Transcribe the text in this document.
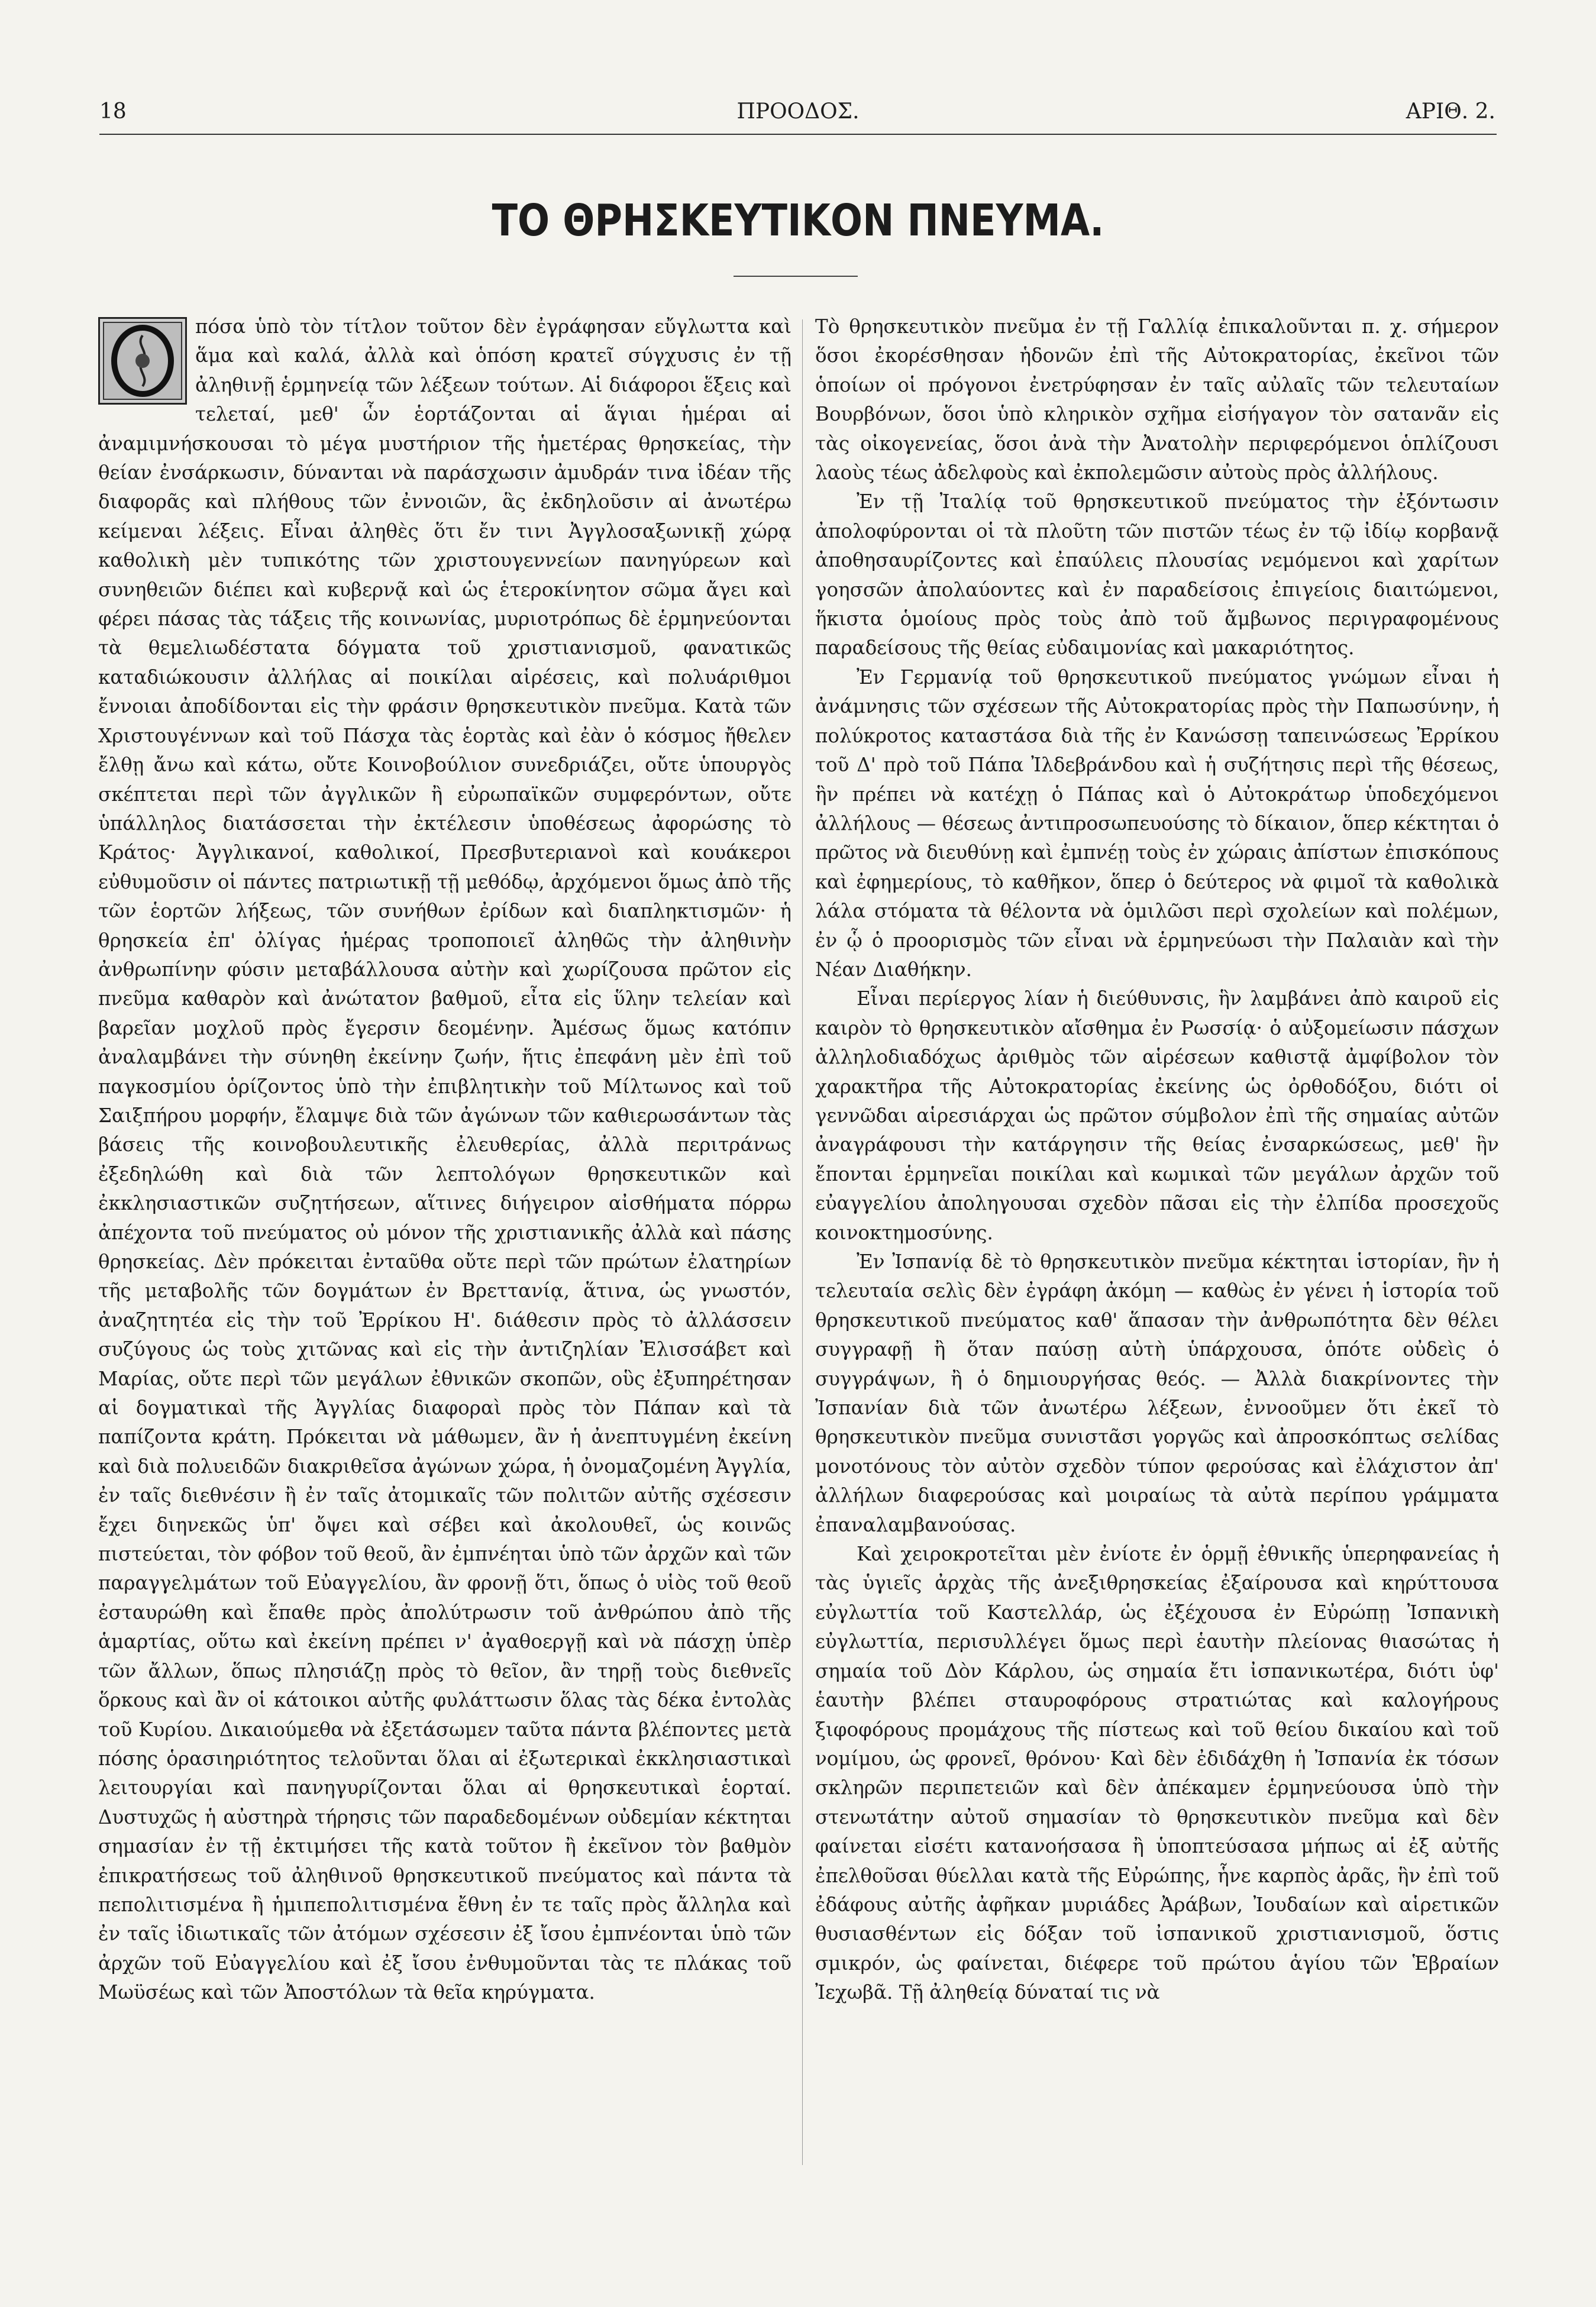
18	ΠΡΟΟΔΟΣ.	ΑΡΙΘ. 2.
ΤΟ ΘΡΗΣΚΕΥΤΙΚΟΝ ΠΝΕΥΜΑ.

πόσα ὑπὸ τὸν τίτλον τοῦτον δὲν ἐγράφησαν εὔγλωττα καὶ ἅμα καὶ καλά, ἀλλὰ καὶ ὁπόση κρατεῖ σύγχυσις ἐν τῇ ἀληθινῇ ἑρμηνείᾳ τῶν λέξεων τούτων. Αἱ διάφοροι ἕξεις καὶ τελεταί, μεθ' ὧν ἑορτάζονται αἱ ἅγιαι ἡμέραι αἱ ἀναμιμνήσκουσαι τὸ μέγα μυστήριον τῆς ἡμετέρας θρησκείας, τὴν θείαν ἐνσάρκωσιν, δύνανται νὰ παράσχωσιν ἀμυδράν τινα ἰδέαν τῆς διαφορᾶς καὶ πλήθους τῶν ἐννοιῶν, ἃς ἐκδηλοῦσιν αἱ ἀνωτέρω κείμεναι λέξεις. Εἶναι ἀληθὲς ὅτι ἔν τινι Ἀγγλοσαξωνικῇ χώρᾳ καθολικὴ μὲν τυπικότης τῶν χριστουγεννείων πανηγύρεων καὶ συνηθειῶν διέπει καὶ κυβερνᾷ καὶ ὡς ἑτεροκίνητον σῶμα ἄγει καὶ φέρει πάσας τὰς τάξεις τῆς κοινωνίας, μυριοτρόπως δὲ ἑρμηνεύονται τὰ θεμελιωδέστατα δόγματα τοῦ χριστιανισμοῦ, φανατικῶς καταδιώκουσιν ἀλλήλας αἱ ποικίλαι αἱρέσεις, καὶ πολυάριθμοι ἔννοιαι ἀποδίδονται εἰς τὴν φράσιν θρησκευτικὸν πνεῦμα. Κατὰ τῶν Χριστουγέννων καὶ τοῦ Πάσχα τὰς ἑορτὰς καὶ ἐὰν ὁ κόσμος ἤθελεν ἔλθῃ ἄνω καὶ κάτω, οὔτε Κοινοβούλιον συνεδριάζει, οὔτε ὑπουργὸς σκέπτεται περὶ τῶν ἀγγλικῶν ἢ εὐρωπαϊκῶν συμφερόντων, οὔτε ὑπάλληλος διατάσσεται τὴν ἐκτέλεσιν ὑποθέσεως ἀφορώσης τὸ Κράτος· Ἀγγλικανοί, καθολικοί, Πρεσβυτεριανοὶ καὶ κουάκεροι εὐθυμοῦσιν οἱ πάντες πατριωτικῇ τῇ μεθόδῳ, ἀρχόμενοι ὅμως ἀπὸ τῆς τῶν ἑορτῶν λήξεως, τῶν συνήθων ἐρίδων καὶ διαπληκτισμῶν· ἡ θρησκεία ἐπ' ὀλίγας ἡμέρας τροποποιεῖ ἀληθῶς τὴν ἀληθινὴν ἀνθρωπίνην φύσιν μεταβάλλουσα αὐτὴν καὶ χωρίζουσα πρῶτον εἰς πνεῦμα καθαρὸν καὶ ἀνώτατον βαθμοῦ, εἶτα εἰς ὕλην τελείαν καὶ βαρεῖαν μοχλοῦ πρὸς ἔγερσιν δεομένην. Ἀμέσως ὅμως κατόπιν ἀναλαμβάνει τὴν σύνηθη ἐκείνην ζωήν, ἥτις ἐπεφάνη μὲν ἐπὶ τοῦ παγκοσμίου ὁρίζοντος ὑπὸ τὴν ἐπιβλητικὴν τοῦ Μίλτωνος καὶ τοῦ Σαιξπήρου μορφήν, ἔλαμψε διὰ τῶν ἀγώνων τῶν καθιερωσάντων τὰς βάσεις τῆς κοινοβουλευτικῆς ἐλευθερίας, ἀλλὰ περιτράνως ἐξεδηλώθη καὶ διὰ τῶν λεπτολόγων θρησκευτικῶν καὶ ἐκκλησιαστικῶν συζητήσεων, αἵτινες διήγειρον αἰσθήματα πόρρω ἀπέχοντα τοῦ πνεύματος οὐ μόνον τῆς χριστιανικῆς ἀλλὰ καὶ πάσης θρησκείας. Δὲν πρόκειται ἐνταῦθα οὔτε περὶ τῶν πρώτων ἐλατηρίων τῆς μεταβολῆς τῶν δογμάτων ἐν Βρεττανίᾳ, ἅτινα, ὡς γνωστόν, ἀναζητητέα εἰς τὴν τοῦ Ἐρρίκου Η'. διάθεσιν πρὸς τὸ ἀλλάσσειν συζύγους ὡς τοὺς χιτῶνας καὶ εἰς τὴν ἀντιζηλίαν Ἐλισσάβετ καὶ Μαρίας, οὔτε περὶ τῶν μεγάλων ἐθνικῶν σκοπῶν, οὓς ἐξυπηρέτησαν αἱ δογματικαὶ τῆς Ἀγγλίας διαφοραὶ πρὸς τὸν Πάπαν καὶ τὰ παπίζοντα κράτη. Πρόκειται νὰ μάθωμεν, ἂν ἡ ἀνεπτυγμένη ἐκείνη καὶ διὰ πολυειδῶν διακριθεῖσα ἀγώνων χώρα, ἡ ὀνομαζομένη Ἀγγλία, ἐν ταῖς διεθνέσιν ἢ ἐν ταῖς ἀτομικαῖς τῶν πολιτῶν αὐτῆς σχέσεσιν ἔχει διηνεκῶς ὑπ' ὄψει καὶ σέβει καὶ ἀκολουθεῖ, ὡς κοινῶς πιστεύεται, τὸν φόβον τοῦ θεοῦ, ἂν ἐμπνέηται ὑπὸ τῶν ἀρχῶν καὶ τῶν παραγγελμάτων τοῦ Εὐαγγελίου, ἂν φρονῇ ὅτι, ὅπως ὁ υἱὸς τοῦ θεοῦ ἐσταυρώθη καὶ ἔπαθε πρὸς ἀπολύτρωσιν τοῦ ἀνθρώπου ἀπὸ τῆς ἁμαρτίας, οὕτω καὶ ἐκείνη πρέπει ν' ἀγαθοεργῇ καὶ νὰ πάσχῃ ὑπὲρ τῶν ἄλλων, ὅπως πλησιάζῃ πρὸς τὸ θεῖον, ἂν τηρῇ τοὺς διεθνεῖς ὅρκους καὶ ἂν οἱ κάτοικοι αὐτῆς φυλάττωσιν ὅλας τὰς δέκα ἐντολὰς τοῦ Κυρίου. Δικαιούμεθα νὰ ἐξετάσωμεν ταῦτα πάντα βλέποντες μετὰ πόσης ὁρασιηριότητος τελοῦνται ὅλαι αἱ ἐξωτερικαὶ ἐκκλησιαστικαὶ λειτουργίαι καὶ πανηγυρίζονται ὅλαι αἱ θρησκευτικαὶ ἑορταί. Δυστυχῶς ἡ αὐστηρὰ τήρησις τῶν παραδεδομένων οὐδεμίαν κέκτηται σημασίαν ἐν τῇ ἐκτιμήσει τῆς κατὰ τοῦτον ἢ ἐκεῖνον τὸν βαθμὸν ἐπικρατήσεως τοῦ ἀληθινοῦ θρησκευτικοῦ πνεύματος καὶ πάντα τὰ πεπολιτισμένα ἢ ἡμιπεπολιτισμένα ἔθνη ἐν τε ταῖς πρὸς ἄλληλα καὶ ἐν ταῖς ἰδιωτικαῖς τῶν ἀτόμων σχέσεσιν ἐξ ἴσου ἐμπνέονται ὑπὸ τῶν ἀρχῶν τοῦ Εὐαγγελίου καὶ ἐξ ἴσου ἐνθυμοῦνται τὰς τε πλάκας τοῦ Μωϋσέως καὶ τῶν Ἀποστόλων τὰ θεῖα κηρύγματα.

Τὸ θρησκευτικὸν πνεῦμα ἐν τῇ Γαλλίᾳ ἐπικαλοῦνται π. χ. σήμερον ὅσοι ἐκορέσθησαν ἡδονῶν ἐπὶ τῆς Αὐτοκρατορίας, ἐκεῖνοι τῶν ὁποίων οἱ πρόγονοι ἐνετρύφησαν ἐν ταῖς αὐλαῖς τῶν τελευταίων Βουρβόνων, ὅσοι ὑπὸ κληρικὸν σχῆμα εἰσήγαγον τὸν σατανᾶν εἰς τὰς οἰκογενείας, ὅσοι ἀνὰ τὴν Ἀνατολὴν περιφερόμενοι ὁπλίζουσι λαοὺς τέως ἀδελφοὺς καὶ ἐκπολεμῶσιν αὐτοὺς πρὸς ἀλλήλους.

Ἐν τῇ Ἰταλίᾳ τοῦ θρησκευτικοῦ πνεύματος τὴν ἐξόντωσιν ἀπολοφύρονται οἱ τὰ πλοῦτη τῶν πιστῶν τέως ἐν τῷ ἰδίῳ κορβανᾷ ἀποθησαυρίζοντες καὶ ἐπαύλεις πλουσίας νεμόμενοι καὶ χαρίτων γοησσῶν ἀπολαύοντες καὶ ἐν παραδείσοις ἐπιγείοις διαιτώμενοι, ἥκιστα ὁμοίους πρὸς τοὺς ἀπὸ τοῦ ἄμβωνος περιγραφομένους παραδείσους τῆς θείας εὐδαιμονίας καὶ μακαριότητος.

Ἐν Γερμανίᾳ τοῦ θρησκευτικοῦ πνεύματος γνώμων εἶναι ἡ ἀνάμνησις τῶν σχέσεων τῆς Αὐτοκρατορίας πρὸς τὴν Παπωσύνην, ἡ πολύκροτος καταστάσα διὰ τῆς ἐν Κανώσσῃ ταπεινώσεως Ἐρρίκου τοῦ Δ' πρὸ τοῦ Πάπα Ἰλδεβράνδου καὶ ἡ συζήτησις περὶ τῆς θέσεως, ἣν πρέπει νὰ κατέχῃ ὁ Πάπας καὶ ὁ Αὐτοκράτωρ ὑποδεχόμενοι ἀλλήλους — θέσεως ἀντιπροσωπευούσης τὸ δίκαιον, ὅπερ κέκτηται ὁ πρῶτος νὰ διευθύνῃ καὶ ἐμπνέῃ τοὺς ἐν χώραις ἀπίστων ἐπισκόπους καὶ ἐφημερίους, τὸ καθῆκον, ὅπερ ὁ δεύτερος νὰ φιμοῖ τὰ καθολικὰ λάλα στόματα τὰ θέλοντα νὰ ὁμιλῶσι περὶ σχολείων καὶ πολέμων, ἐν ᾧ ὁ προορισμὸς τῶν εἶναι νὰ ἑρμηνεύωσι τὴν Παλαιὰν καὶ τὴν Νέαν Διαθήκην.

Εἶναι περίεργος λίαν ἡ διεύθυνσις, ἣν λαμβάνει ἀπὸ καιροῦ εἰς καιρὸν τὸ θρησκευτικὸν αἴσθημα ἐν Ρωσσίᾳ· ὁ αὐξομείωσιν πάσχων ἀλληλοδιαδόχως ἀριθμὸς τῶν αἱρέσεων καθιστᾷ ἀμφίβολον τὸν χαρακτῆρα τῆς Αὐτοκρατορίας ἐκείνης ὡς ὀρθοδόξου, διότι οἱ γεννῶδαι αἱρεσιάρχαι ὡς πρῶτον σύμβολον ἐπὶ τῆς σημαίας αὐτῶν ἀναγράφουσι τὴν κατάργησιν τῆς θείας ἐνσαρκώσεως, μεθ' ἣν ἔπονται ἑρμηνεῖαι ποικίλαι καὶ κωμικαὶ τῶν μεγάλων ἀρχῶν τοῦ εὐαγγελίου ἀποληγουσαι σχεδὸν πᾶσαι εἰς τὴν ἐλπίδα προσεχοῦς κοινοκτημοσύνης.

Ἐν Ἰσπανίᾳ δὲ τὸ θρησκευτικὸν πνεῦμα κέκτηται ἱστορίαν, ἣν ἡ τελευταία σελὶς δὲν ἐγράφη ἀκόμη — καθὼς ἐν γένει ἡ ἱστορία τοῦ θρησκευτικοῦ πνεύματος καθ' ἅπασαν τὴν ἀνθρωπότητα δὲν θέλει συγγραφῇ ἢ ὅταν παύσῃ αὐτὴ ὑπάρχουσα, ὁπότε οὐδεὶς ὁ συγγράψων, ἢ ὁ δημιουργήσας θεός. — Ἀλλὰ διακρίνοντες τὴν Ἰσπανίαν διὰ τῶν ἀνωτέρω λέξεων, ἐννοοῦμεν ὅτι ἐκεῖ τὸ θρησκευτικὸν πνεῦμα συνιστᾶσι γοργῶς καὶ ἀπροσκόπτως σελίδας μονοτόνους τὸν αὐτὸν σχεδὸν τύπον φερούσας καὶ ἐλάχιστον ἀπ' ἀλλήλων διαφερούσας καὶ μοιραίως τὰ αὐτὰ περίπου γράμματα ἐπαναλαμβανούσας.

Καὶ χειροκροτεῖται μὲν ἐνίοτε ἐν ὁρμῇ ἐθνικῆς ὑπερηφανείας ἡ τὰς ὑγιεῖς ἀρχὰς τῆς ἀνεξιθρησκείας ἐξαίρουσα καὶ κηρύττουσα εὐγλωττία τοῦ Καστελλάρ, ὡς ἐξέχουσα ἐν Εὐρώπῃ Ἰσπανικὴ εὐγλωττία, περισυλλέγει ὅμως περὶ ἑαυτὴν πλείονας θιασώτας ἡ σημαία τοῦ Δὸν Κάρλου, ὡς σημαία ἔτι ἰσπανικωτέρα, διότι ὑφ' ἑαυτὴν βλέπει σταυροφόρους στρατιώτας καὶ καλογήρους ξιφοφόρους προμάχους τῆς πίστεως καὶ τοῦ θείου δικαίου καὶ τοῦ νομίμου, ὡς φρονεῖ, θρόνου· Καὶ δὲν ἐδιδάχθη ἡ Ἰσπανία ἐκ τόσων σκληρῶν περιπετειῶν καὶ δὲν ἀπέκαμεν ἑρμηνεύουσα ὑπὸ τὴν στενωτάτην αὐτοῦ σημασίαν τὸ θρησκευτικὸν πνεῦμα καὶ δὲν φαίνεται εἰσέτι κατανοήσασα ἢ ὑποπτεύσασα μήπως αἱ ἐξ αὐτῆς ἐπελθοῦσαι θύελλαι κατὰ τῆς Εὐρώπης, ἧνε καρπὸς ἀρᾶς, ἣν ἐπὶ τοῦ ἐδάφους αὐτῆς ἀφῆκαν μυριάδες Ἀράβων, Ἰουδαίων καὶ αἱρετικῶν θυσιασθέντων εἰς δόξαν τοῦ ἰσπανικοῦ χριστιανισμοῦ, ὅστις σμικρόν, ὡς φαίνεται, διέφερε τοῦ πρώτου ἁγίου τῶν Ἑβραίων Ἰεχωβᾶ. Τῇ ἀληθείᾳ δύναταί τις νὰ
